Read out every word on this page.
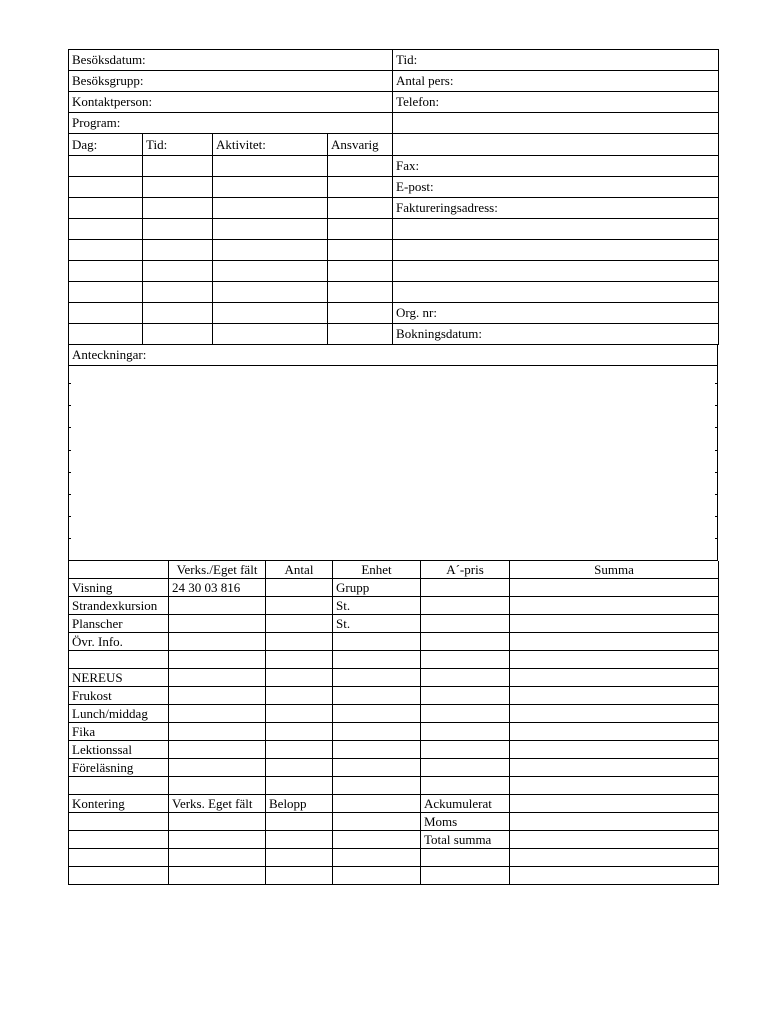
Besöksdatum:				Tid:
Besöksgrupp:				Antal pers:
Kontaktperson:				Telefon:
Program:				
Dag:	Tid:	Aktivitet:	Ansvarig	
				Fax:
				E-post:
				Faktureringsadress:

				Org. nr:
				Bokningsdatum:
Anteckningar:
	Verks./Eget fält	Antal	Enhet	A´-pris	Summa
Visning	24 30 03 816		Grupp		
Strandexkursion			St.		
Planscher			St.		
Övr. Info.					

NEREUS					
Frukost					
Lunch/middag					
Fika					
Lektionssal					
Föreläsning					

Kontering	Verks. Eget fält	Belopp		Ackumulerat	
				Moms	
				Total summa	
